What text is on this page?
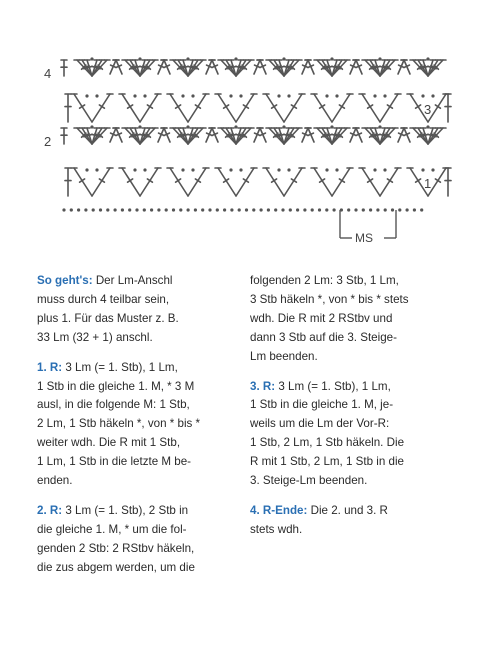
4
2
3
1
MS
So geht's: Der Lm-Anschl
muss durch 4 teilbar sein,
plus 1. Für das Muster z. B.
33 Lm (32 + 1) anschl.
1. R: 3 Lm (= 1. Stb), 1 Lm,
1 Stb in die gleiche 1. M, * 3 M
ausl, in die folgende M: 1 Stb,
2 Lm, 1 Stb häkeln *, von * bis *
weiter wdh. Die R mit 1 Stb,
1 Lm, 1 Stb in die letzte M be-
enden.
2. R: 3 Lm (= 1. Stb), 2 Stb in
die gleiche 1. M, * um die fol-
genden 2 Stb: 2 RStbv häkeln,
die zus abgem werden, um die
folgenden 2 Lm: 3 Stb, 1 Lm,
3 Stb häkeln *, von * bis * stets
wdh. Die R mit 2 RStbv und
dann 3 Stb auf die 3. Steige-
Lm beenden.
3. R: 3 Lm (= 1. Stb), 1 Lm,
1 Stb in die gleiche 1. M, je-
weils um die Lm der Vor-R:
1 Stb, 2 Lm, 1 Stb häkeln. Die
R mit 1 Stb, 2 Lm, 1 Stb in die
3. Steige-Lm beenden.
4. R-Ende: Die 2. und 3. R
stets wdh.
